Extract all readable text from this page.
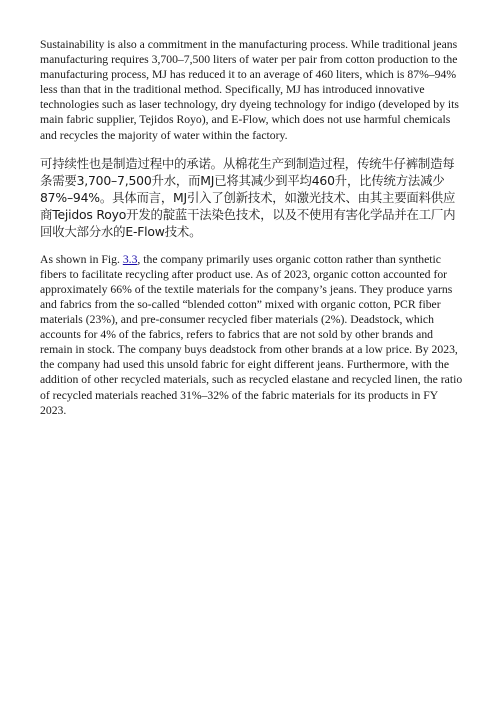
Sustainability is also a commitment in the manufacturing process. While traditional jeans manufacturing requires 3,700–7,500 liters of water per pair from cotton production to the manufacturing process, MJ has reduced it to an average of 460 liters, which is 87%–94% less than that in the traditional method. Specifically, MJ has introduced innovative technologies such as laser technology, dry dyeing technology for indigo (developed by its main fabric supplier, Tejidos Royo), and E-Flow, which does not use harmful chemicals and recycles the majority of water within the factory.

可持续性也是制造过程中的承诺。从棉花生产到制造过程，传统牛仔裤制造每条需要3,700–7,500升水，而MJ已将其减少到平均460升，比传统方法减少87%–94%。具体而言，MJ引入了创新技术，如激光技术、由其主要面料供应商Tejidos Royo开发的靛蓝干法染色技术，以及不使用有害化学品并在工厂内回收大部分水的E-Flow技术。

As shown in Fig. 3.3, the company primarily uses organic cotton rather than synthetic fibers to facilitate recycling after product use. As of 2023, organic cotton accounted for approximately 66% of the textile materials for the company’s jeans. They produce yarns and fabrics from the so-called “blended cotton” mixed with organic cotton, PCR fiber materials (23%), and pre-consumer recycled fiber materials (2%). Deadstock, which accounts for 4% of the fabrics, refers to fabrics that are not sold by other brands and remain in stock. The company buys deadstock from other brands at a low price. By 2023, the company had used this unsold fabric for eight different jeans. Furthermore, with the addition of other recycled materials, such as recycled elastane and recycled linen, the ratio of recycled materials reached 31%–32% of the fabric materials for its products in FY 2023.
